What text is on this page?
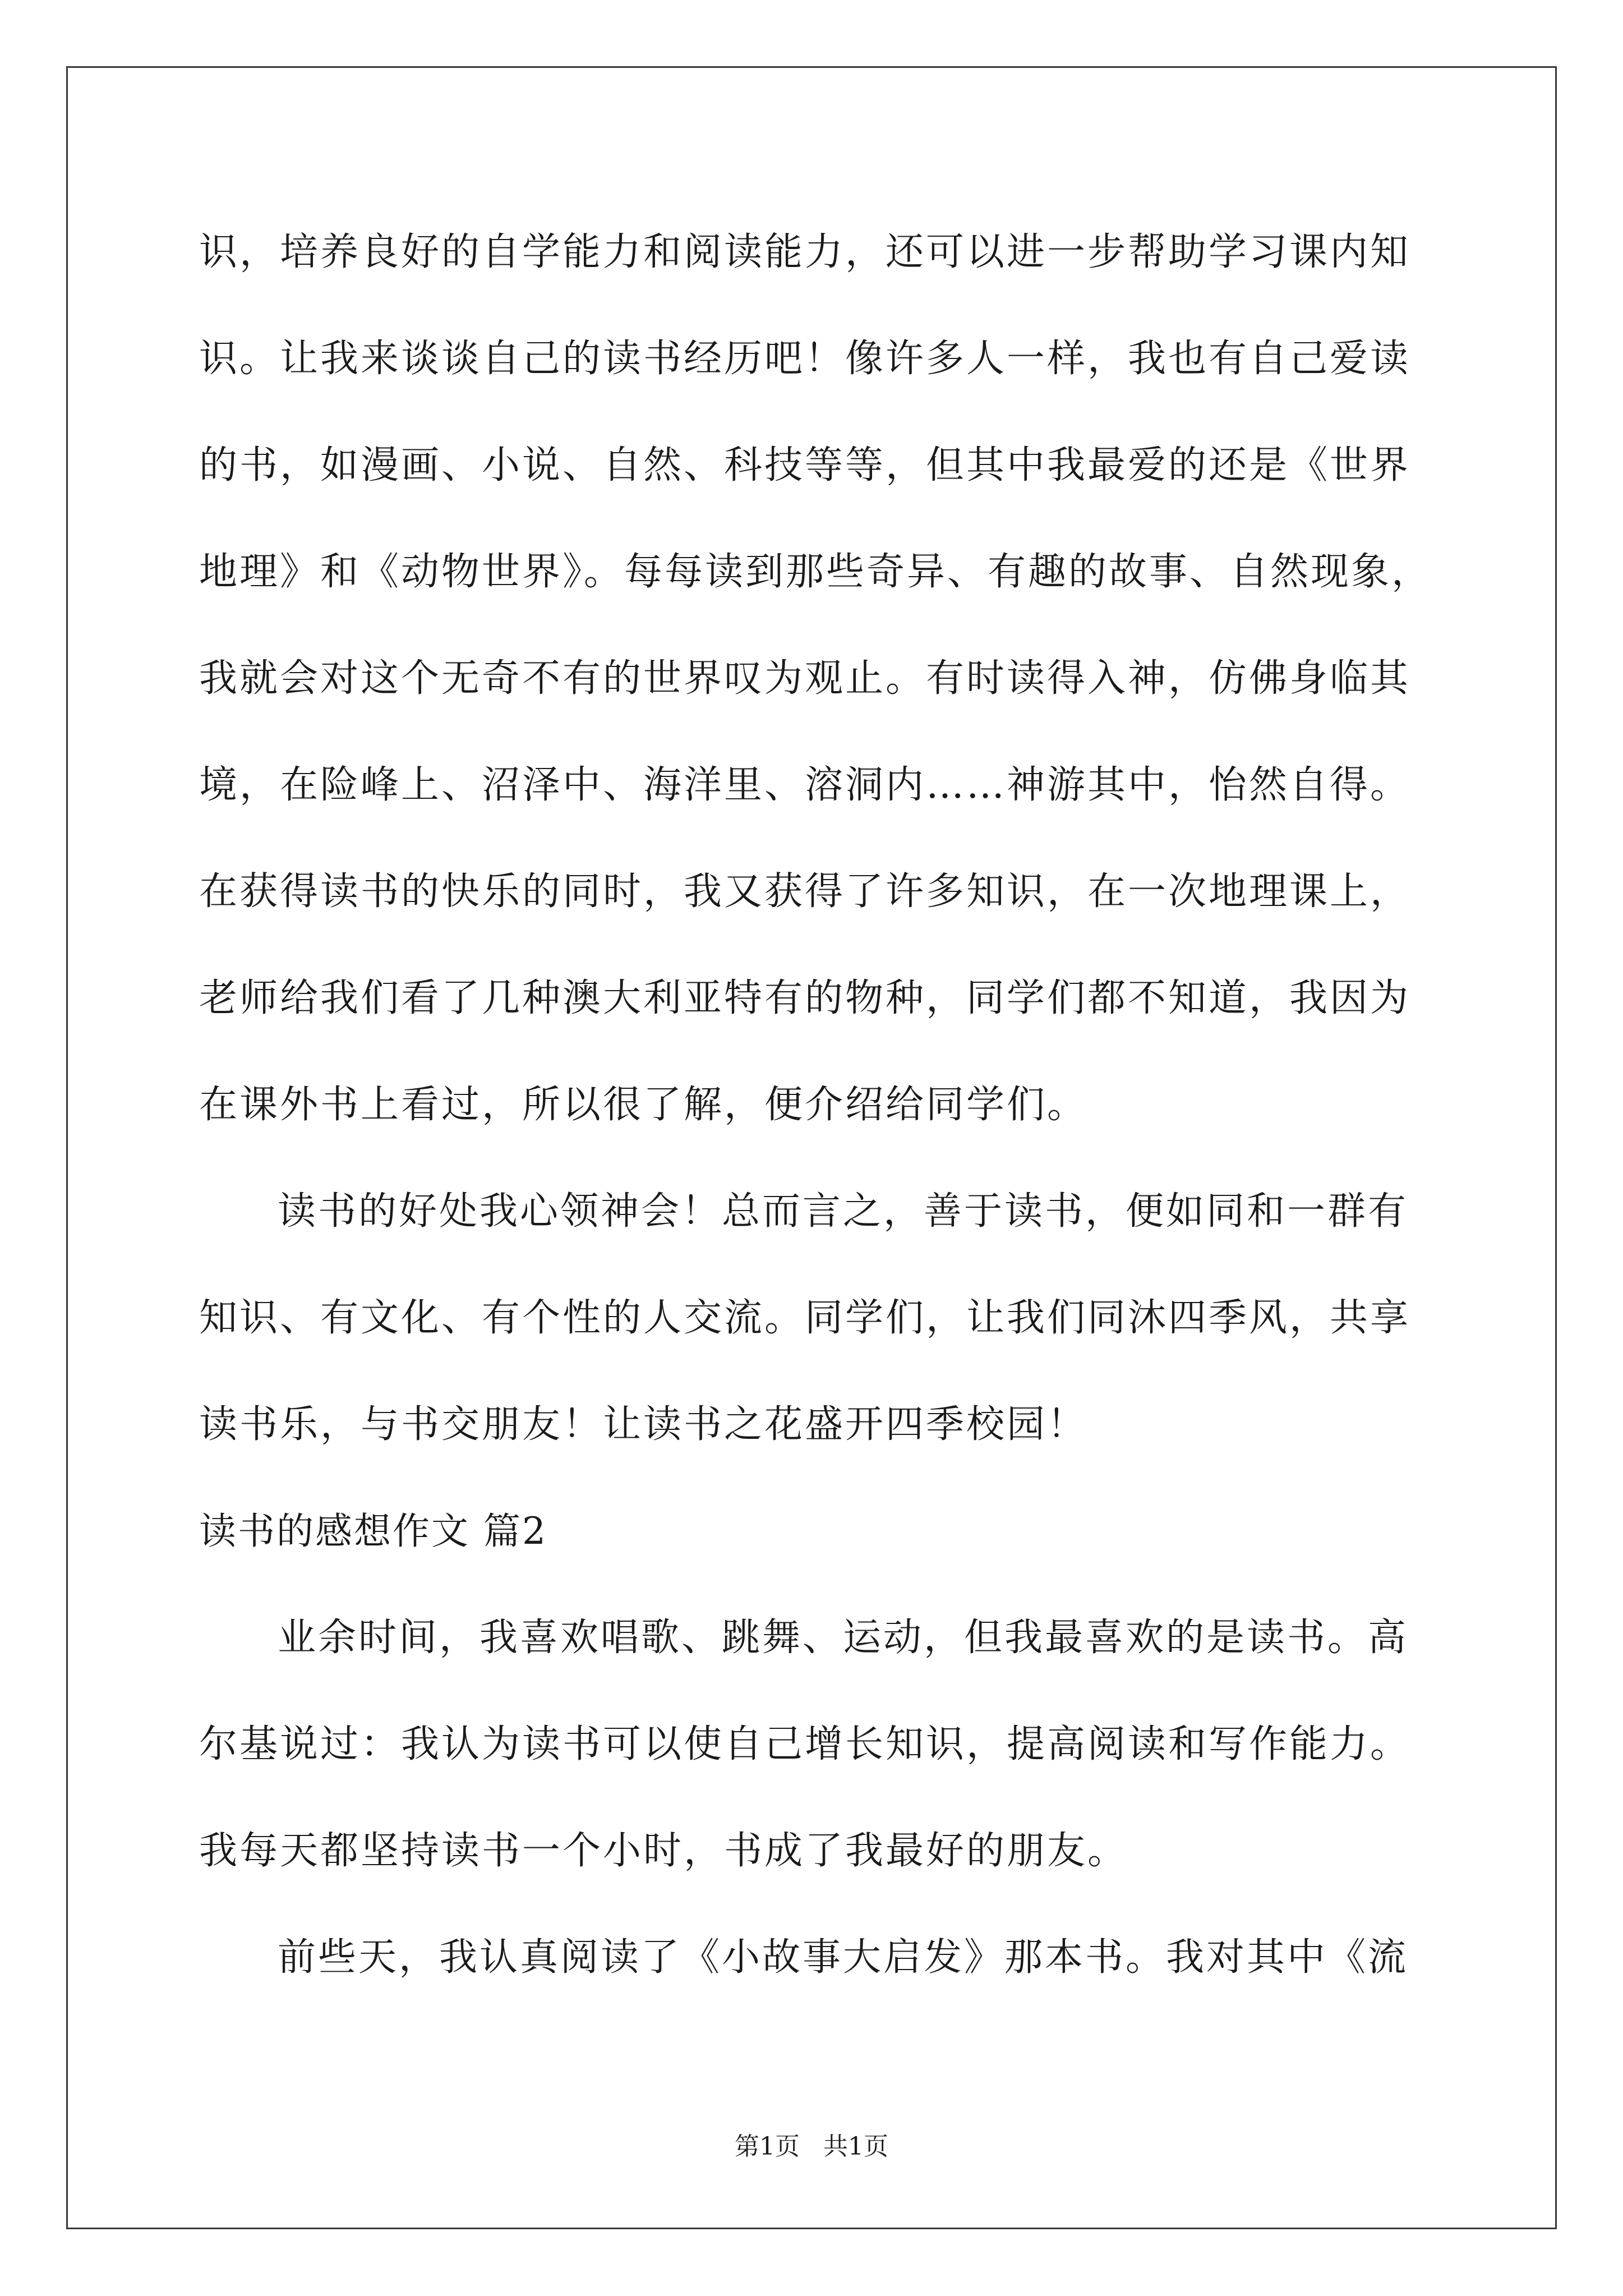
识，培养良好的自学能力和阅读能力，还可以进一步帮助学习课内知
识。让我来谈谈自己的读书经历吧！像许多人一样，我也有自己爱读
的书，如漫画、小说、自然、科技等等，但其中我最爱的还是《世界
地理》和《动物世界》。每每读到那些奇异、有趣的故事、自然现象，
我就会对这个无奇不有的世界叹为观止。有时读得入神，仿佛身临其
境，在险峰上、沼泽中、海洋里、溶洞内……神游其中，怡然自得。
在获得读书的快乐的同时，我又获得了许多知识，在一次地理课上，
老师给我们看了几种澳大利亚特有的物种，同学们都不知道，我因为
在课外书上看过，所以很了解，便介绍给同学们。
读书的好处我心领神会！总而言之，善于读书，便如同和一群有
知识、有文化、有个性的人交流。同学们，让我们同沐四季风，共享
读书乐，与书交朋友！让读书之花盛开四季校园！
读书的感想作文 篇2
业余时间，我喜欢唱歌、跳舞、运动，但我最喜欢的是读书。高
尔基说过：我认为读书可以使自己增长知识，提高阅读和写作能力。
我每天都坚持读书一个小时，书成了我最好的朋友。
前些天，我认真阅读了《小故事大启发》那本书。我对其中《流
第1页   共1页
